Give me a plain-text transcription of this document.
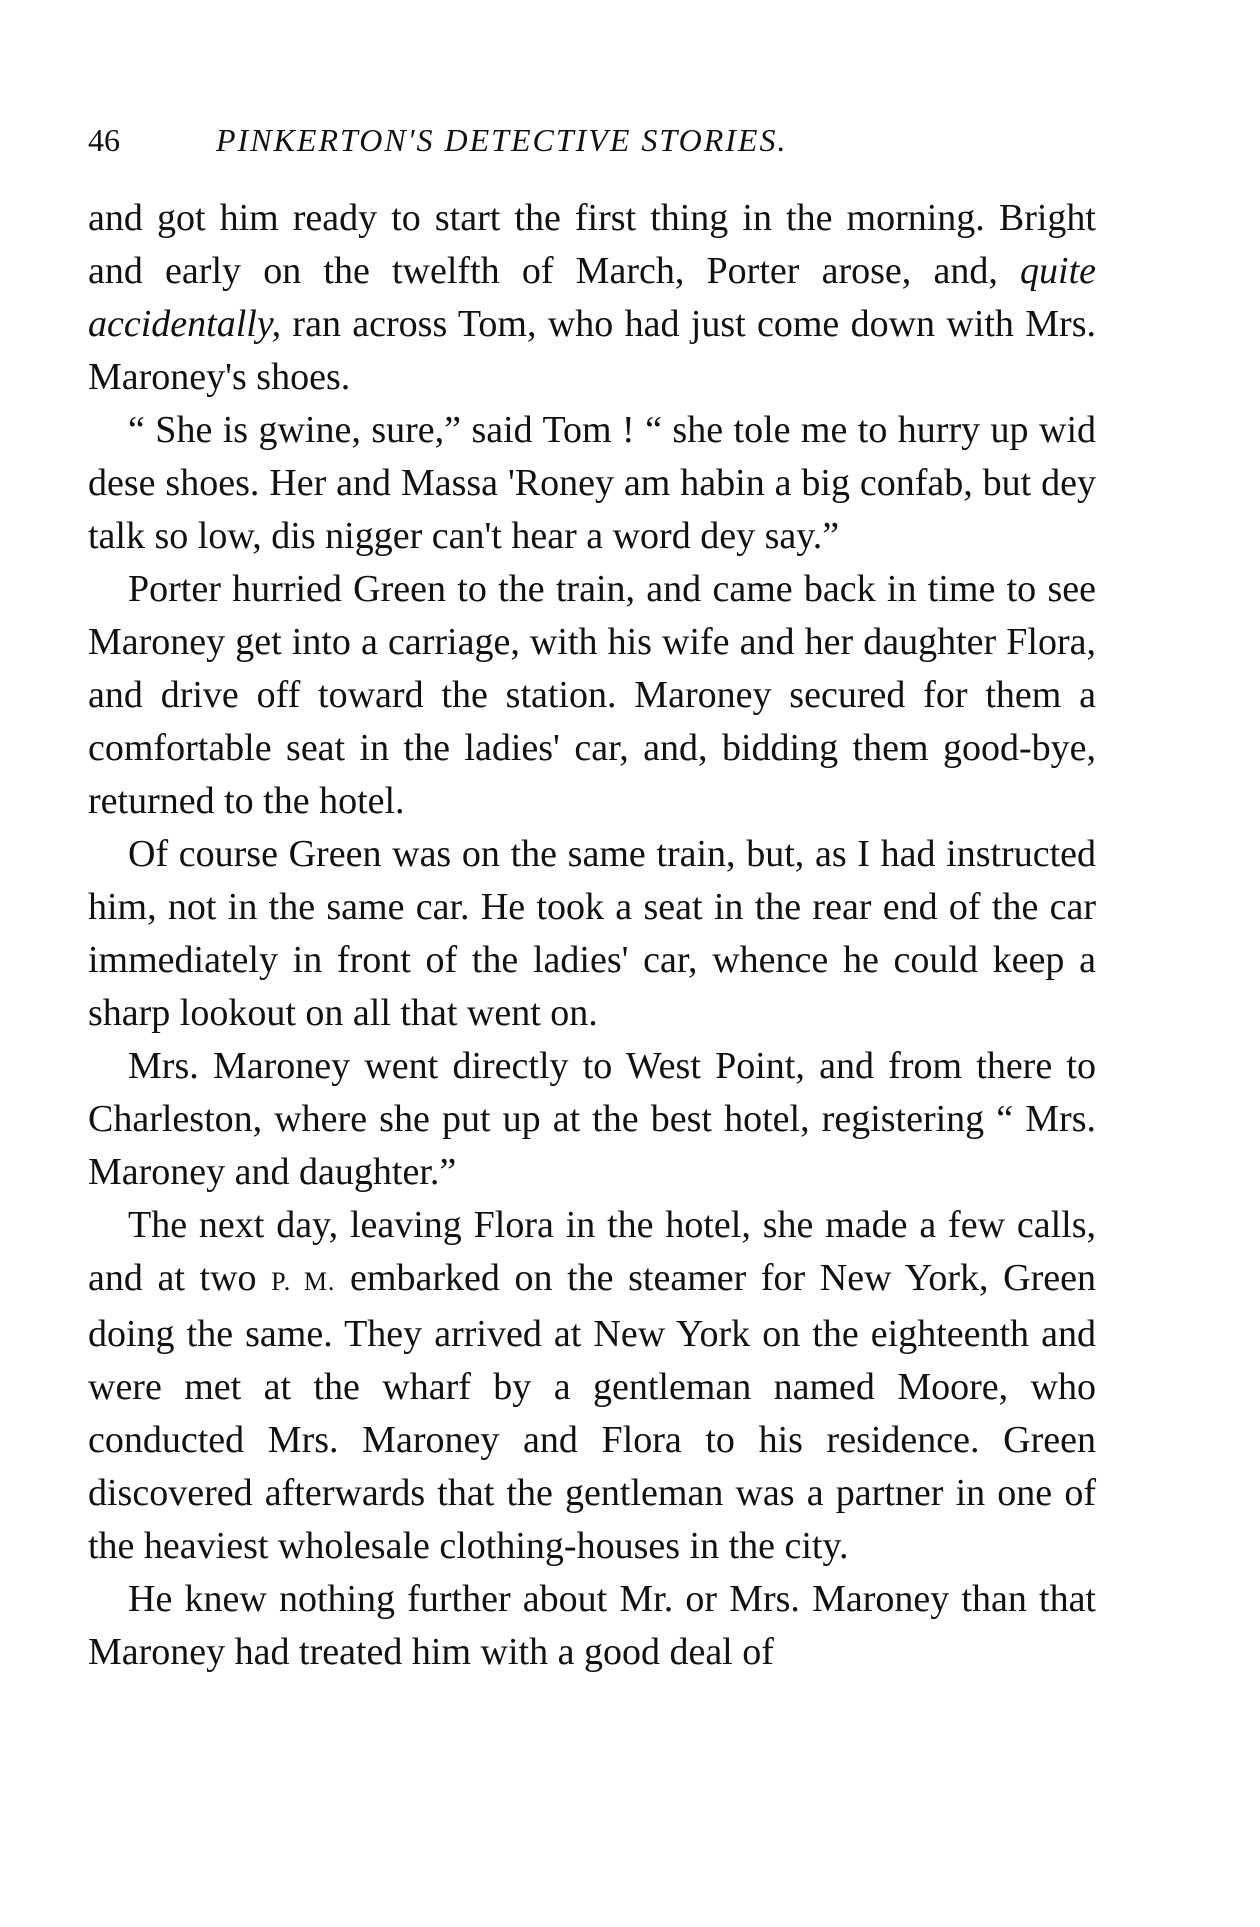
46	PINKERTON'S DETECTIVE STORIES.

and got him ready to start the first thing in the morning. Bright and early on the twelfth of March, Porter arose, and, quite accidentally, ran across Tom, who had just come down with Mrs. Maroney's shoes.

“ She is gwine, sure,” said Tom ! “ she tole me to hurry up wid dese shoes. Her and Massa 'Roney am habin a big confab, but dey talk so low, dis nigger can't hear a word dey say.”

Porter hurried Green to the train, and came back in time to see Maroney get into a carriage, with his wife and her daughter Flora, and drive off toward the station. Maroney secured for them a comfortable seat in the ladies' car, and, bidding them good-bye, returned to the hotel.

Of course Green was on the same train, but, as I had instructed him, not in the same car. He took a seat in the rear end of the car immediately in front of the ladies' car, whence he could keep a sharp lookout on all that went on.

Mrs. Maroney went directly to West Point, and from there to Charleston, where she put up at the best hotel, registering “ Mrs. Maroney and daughter.”

The next day, leaving Flora in the hotel, she made a few calls, and at two P. M. embarked on the steamer for New York, Green doing the same. They arrived at New York on the eighteenth and were met at the wharf by a gentleman named Moore, who conducted Mrs. Maroney and Flora to his residence. Green discovered afterwards that the gentleman was a partner in one of the heaviest wholesale clothing-houses in the city.

He knew nothing further about Mr. or Mrs. Maroney than that Maroney had treated him with a good deal of
